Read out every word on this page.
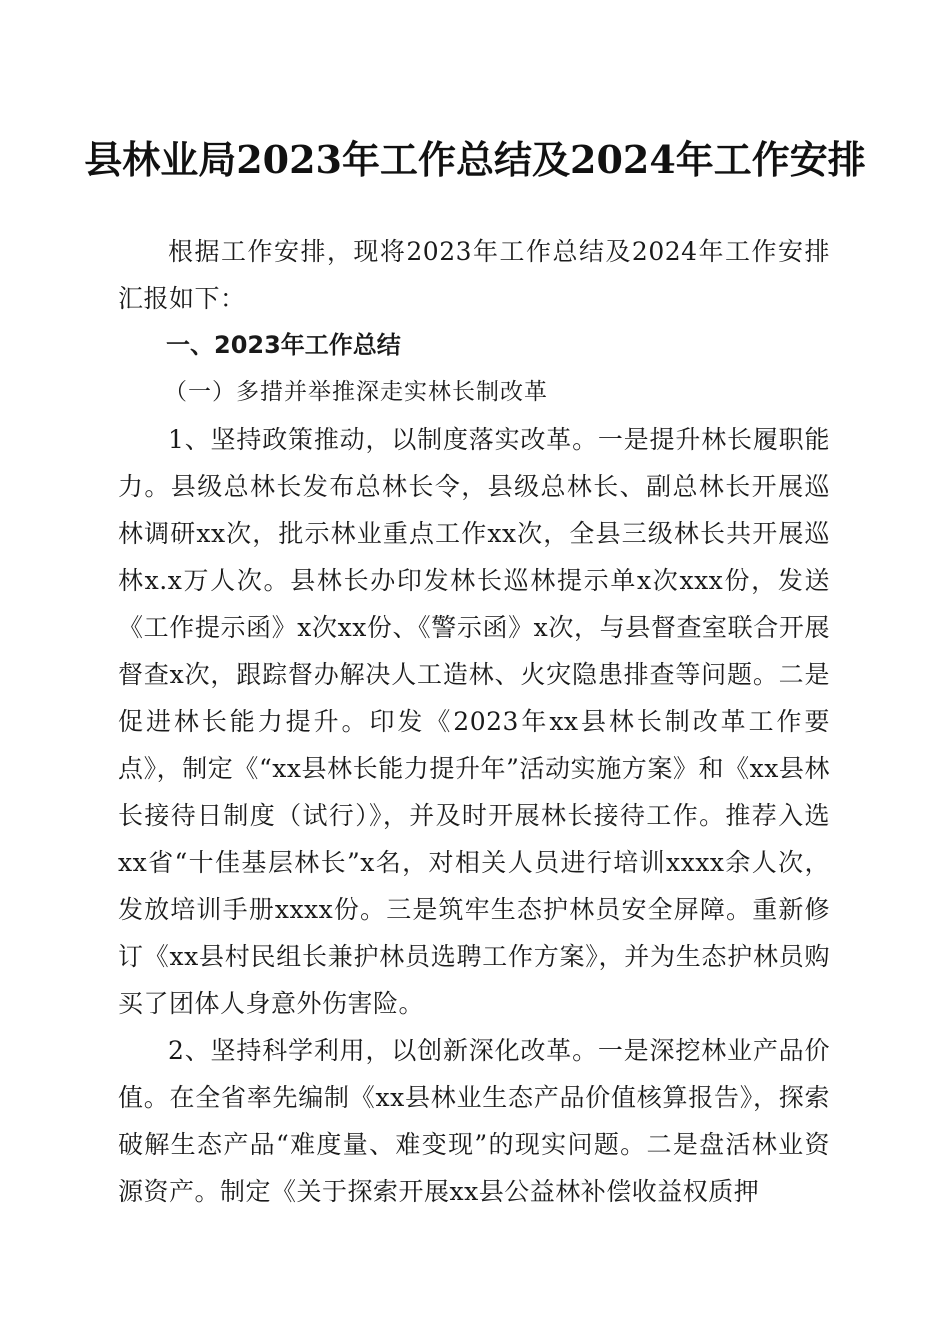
县林业局2023年工作总结及2024年工作安排

根据工作安排，现将2023年工作总结及2024年工作安排汇报如下：

一、2023年工作总结

（一）多措并举推深走实林长制改革

1、坚持政策推动，以制度落实改革。一是提升林长履职能力。县级总林长发布总林长令，县级总林长、副总林长开展巡林调研xx次，批示林业重点工作xx次，全县三级林长共开展巡林x.x万人次。县林长办印发林长巡林提示单x次xxx份，发送《工作提示函》x次xx份、《警示函》x次，与县督查室联合开展督查x次，跟踪督办解决人工造林、火灾隐患排查等问题。二是促进林长能力提升。印发《2023年xx县林长制改革工作要点》，制定《“xx县林长能力提升年”活动实施方案》和《xx县林长接待日制度（试行）》，并及时开展林长接待工作。推荐入选xx省“十佳基层林长”x名，对相关人员进行培训xxxx余人次，发放培训手册xxxx份。三是筑牢生态护林员安全屏障。重新修订《xx县村民组长兼护林员选聘工作方案》，并为生态护林员购买了团体人身意外伤害险。

2、坚持科学利用，以创新深化改革。一是深挖林业产品价值。在全省率先编制《xx县林业生态产品价值核算报告》，探索破解生态产品“难度量、难变现”的现实问题。二是盘活林业资源资产。制定《关于探索开展xx县公益林补偿收益权质押
